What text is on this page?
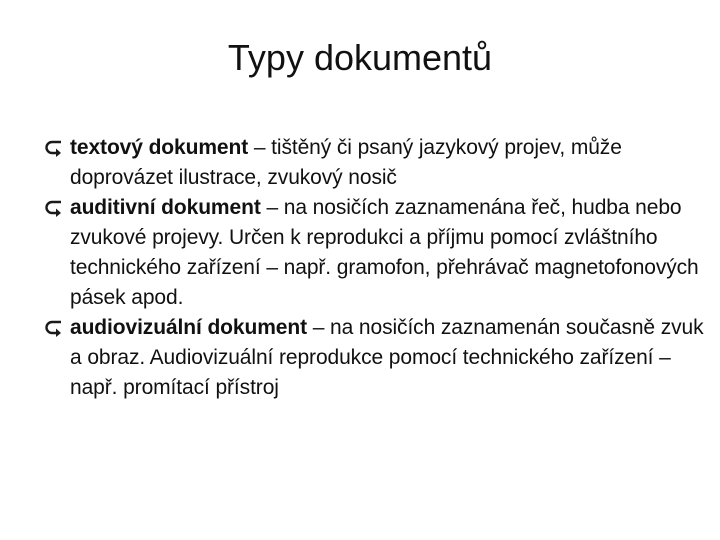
Typy dokumentů
textový dokument – tištěný či psaný jazykový projev, může doprovázet ilustrace, zvukový nosič
auditivní dokument – na nosičích zaznamenána řeč, hudba nebo zvukové projevy. Určen k reprodukci a příjmu pomocí zvláštního technického zařízení – např. gramofon, přehrávač magnetofonových pásek apod.
audiovizuální dokument – na nosičích zaznamenán současně zvuk a obraz. Audiovizuální reprodukce pomocí technického zařízení – např. promítací přístroj
